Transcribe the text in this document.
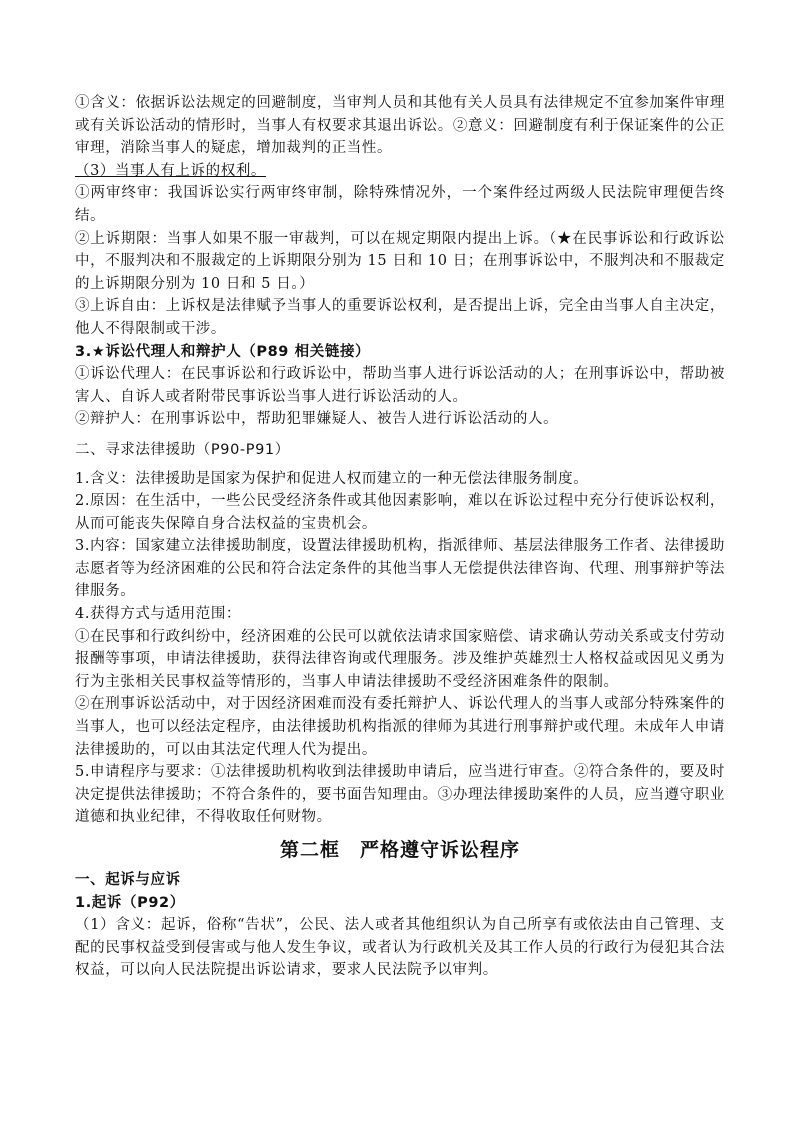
①含义：依据诉讼法规定的回避制度，当审判人员和其他有关人员具有法律规定不宜参加案件审理或有关诉讼活动的情形时，当事人有权要求其退出诉讼。②意义：回避制度有利于保证案件的公正审理，消除当事人的疑虑，增加裁判的正当性。

（3）当事人有上诉的权利。

①两审终审：我国诉讼实行两审终审制，除特殊情况外，一个案件经过两级人民法院审理便告终结。

②上诉期限：当事人如果不服一审裁判，可以在规定期限内提出上诉。（★在民事诉讼和行政诉讼中，不服判决和不服裁定的上诉期限分别为 15 日和 10 日；在刑事诉讼中，不服判决和不服裁定的上诉期限分别为 10 日和 5 日。）

③上诉自由：上诉权是法律赋予当事人的重要诉讼权利，是否提出上诉，完全由当事人自主决定，他人不得限制或干涉。

3.★诉讼代理人和辩护人（P89 相关链接）

①诉讼代理人：在民事诉讼和行政诉讼中，帮助当事人进行诉讼活动的人；在刑事诉讼中，帮助被害人、自诉人或者附带民事诉讼当事人进行诉讼活动的人。

②辩护人：在刑事诉讼中，帮助犯罪嫌疑人、被告人进行诉讼活动的人。

二、寻求法律援助（P90-P91）

1.含义：法律援助是国家为保护和促进人权而建立的一种无偿法律服务制度。

2.原因：在生活中，一些公民受经济条件或其他因素影响，难以在诉讼过程中充分行使诉讼权利，从而可能丧失保障自身合法权益的宝贵机会。

3.内容：国家建立法律援助制度，设置法律援助机构，指派律师、基层法律服务工作者、法律援助志愿者等为经济困难的公民和符合法定条件的其他当事人无偿提供法律咨询、代理、刑事辩护等法律服务。

4.获得方式与适用范围：

①在民事和行政纠纷中，经济困难的公民可以就依法请求国家赔偿、请求确认劳动关系或支付劳动报酬等事项，申请法律援助，获得法律咨询或代理服务。涉及维护英雄烈士人格权益或因见义勇为行为主张相关民事权益等情形的，当事人申请法律援助不受经济困难条件的限制。

②在刑事诉讼活动中，对于因经济困难而没有委托辩护人、诉讼代理人的当事人或部分特殊案件的当事人，也可以经法定程序，由法律援助机构指派的律师为其进行刑事辩护或代理。未成年人申请法律援助的，可以由其法定代理人代为提出。

5.申请程序与要求：①法律援助机构收到法律援助申请后，应当进行审查。②符合条件的，要及时决定提供法律援助；不符合条件的，要书面告知理由。③办理法律援助案件的人员，应当遵守职业道德和执业纪律，不得收取任何财物。

第二框　严格遵守诉讼程序

一、起诉与应诉

1.起诉（P92）

（1）含义：起诉，俗称“告状”，公民、法人或者其他组织认为自己所享有或依法由自己管理、支配的民事权益受到侵害或与他人发生争议，或者认为行政机关及其工作人员的行政行为侵犯其合法权益，可以向人民法院提出诉讼请求，要求人民法院予以审判。
